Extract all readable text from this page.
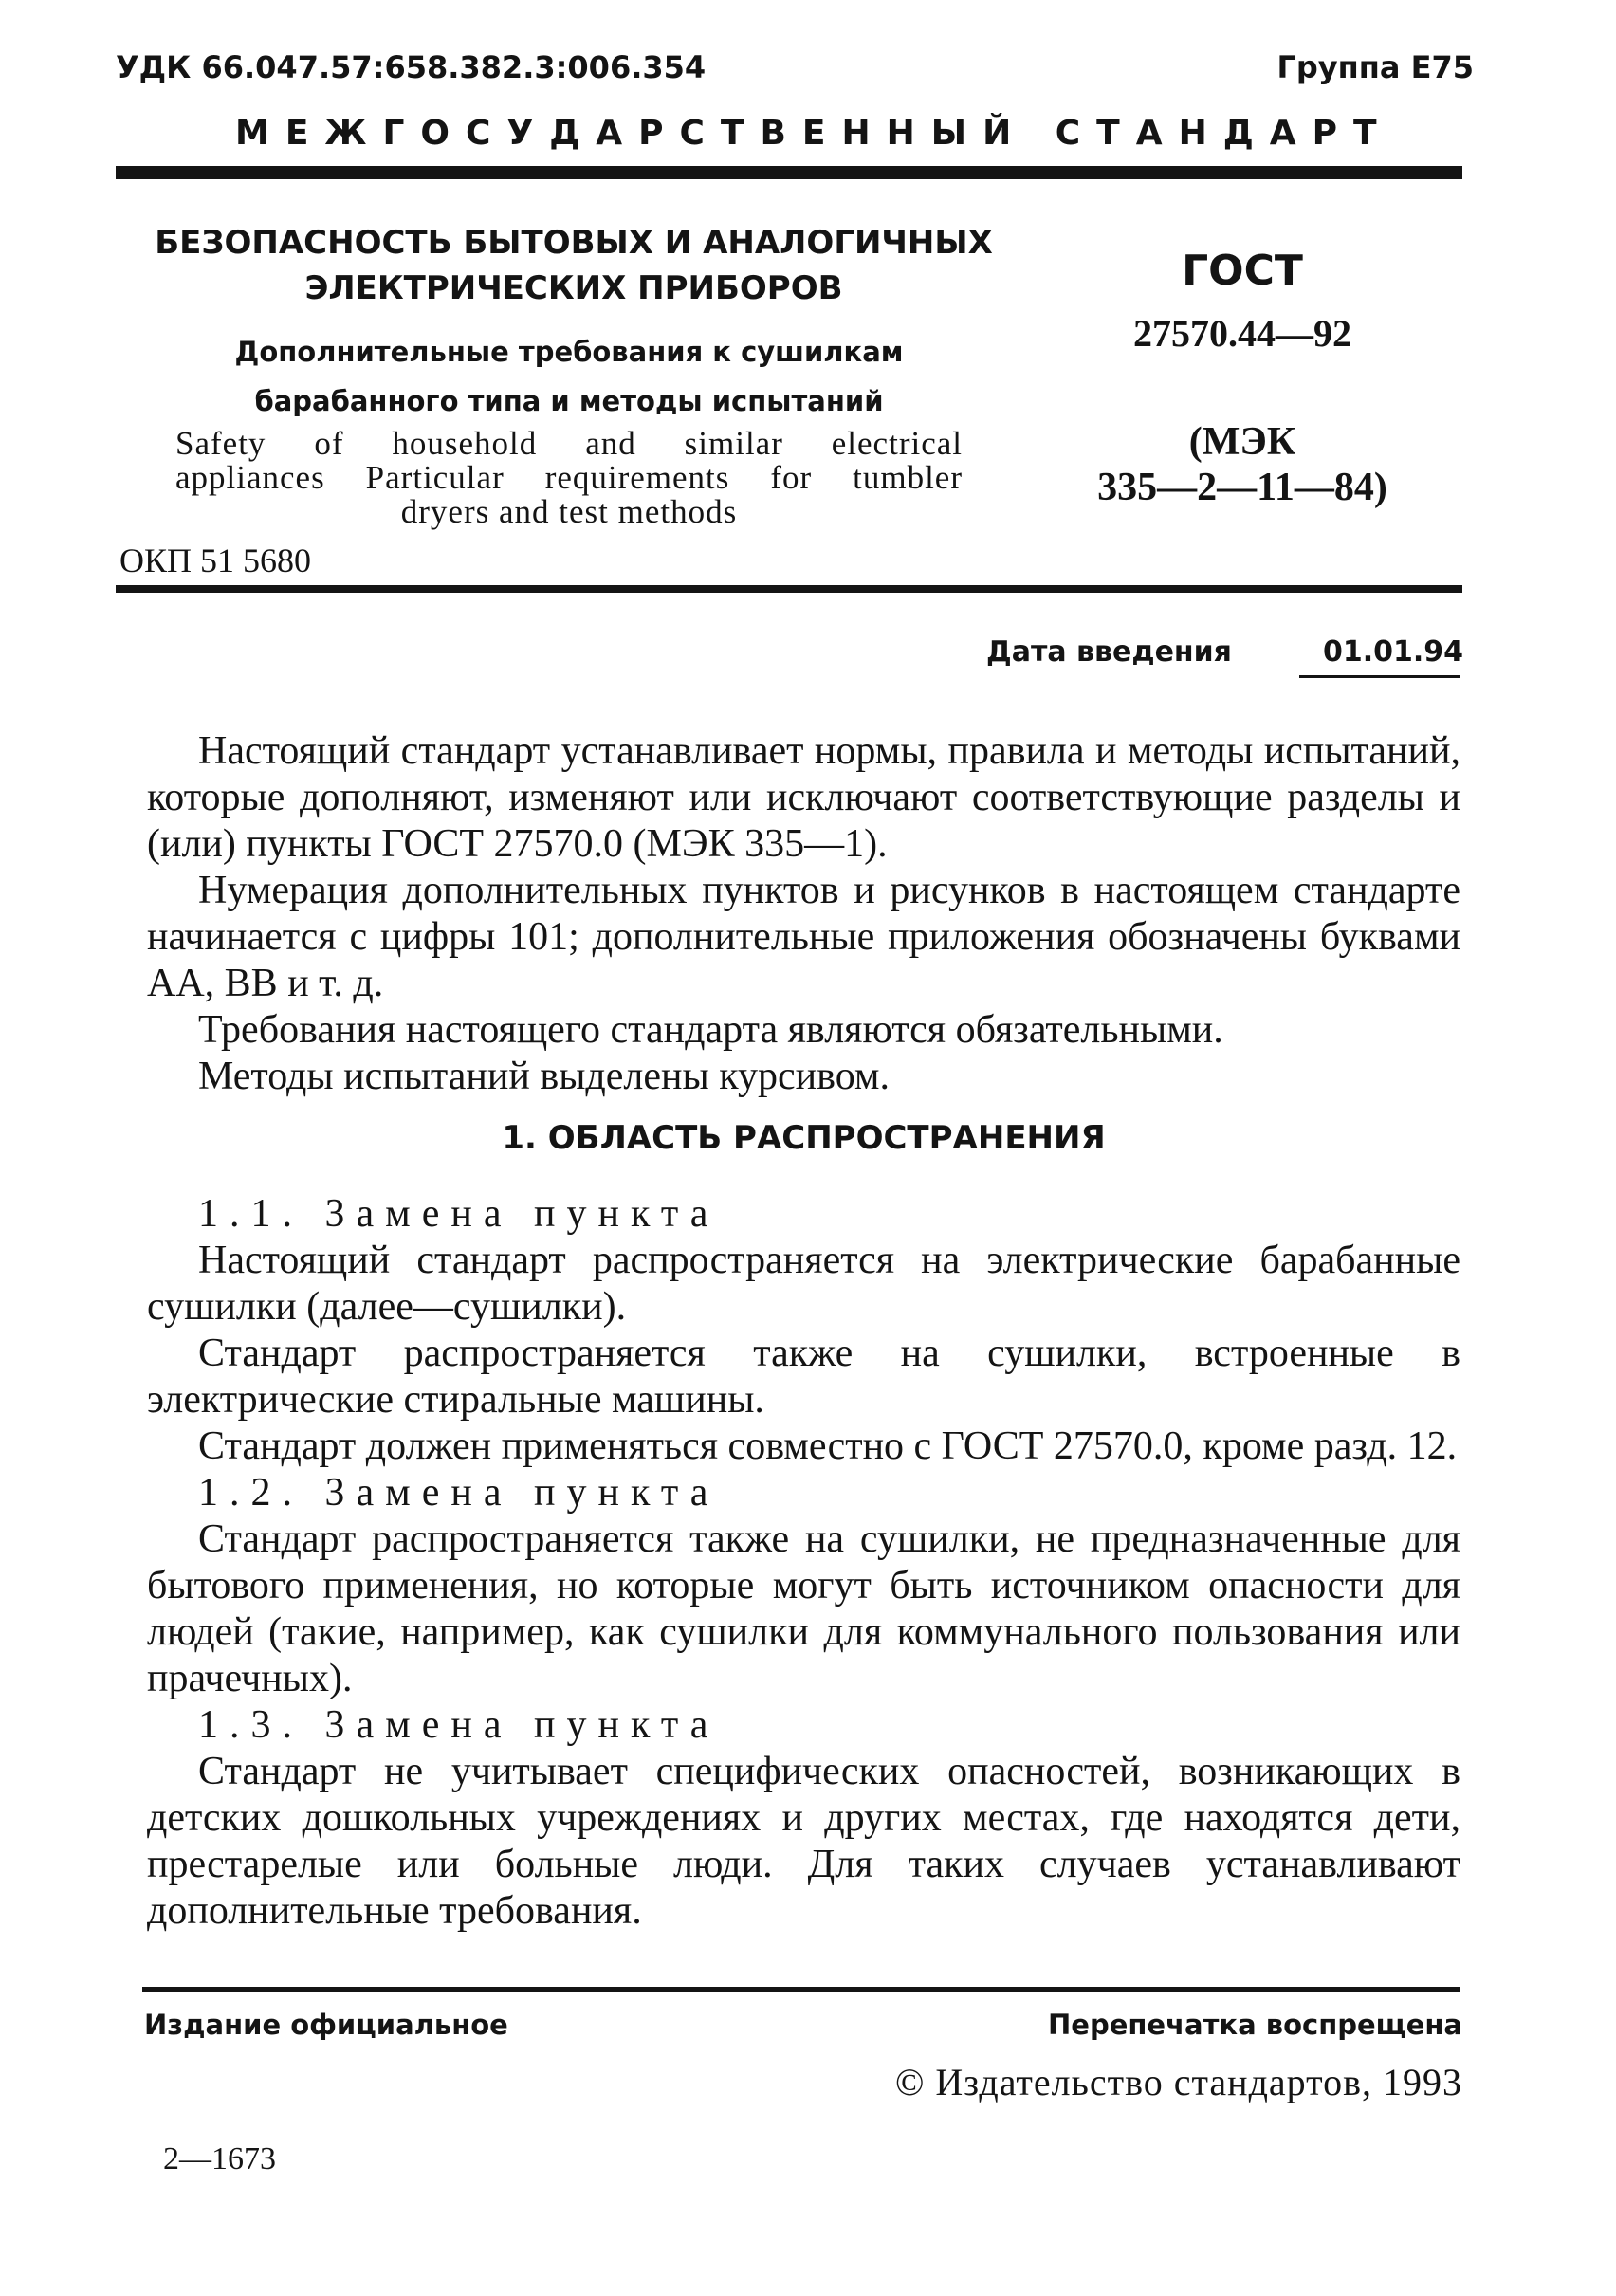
УДК 66.047.57:658.382.3:006.354	Группа Е75
МЕЖГОСУДАРСТВЕННЫЙ СТАНДАРТ
БЕЗОПАСНОСТЬ БЫТОВЫХ И АНАЛОГИЧНЫХ
ЭЛЕКТРИЧЕСКИХ ПРИБОРОВ
Дополнительные требования к сушилкам
барабанного типа и методы испытаний
Safety of household and similar electrical
appliances Particular requirements for tumbler
dryers and test methods
ОКП 51 5680
ГОСТ
27570.44—92
(МЭК
335—2—11—84)
Дата введения	01.01.94

Настоящий стандарт устанавливает нормы, правила и методы испытаний, которые дополняют, изменяют или исключают соответствующие разделы и (или) пункты ГОСТ 27570.0 (МЭК 335—1).

Нумерация дополнительных пунктов и рисунков в настоящем стандарте начинается с цифры 101; дополнительные приложения обозначены буквами АА, ВВ и т. д.

Требования настоящего стандарта являются обязательными.

Методы испытаний выделены курсивом.

1. ОБЛАСТЬ РАСПРОСТРАНЕНИЯ

1.1. Замена пункта

Настоящий стандарт распространяется на электрические барабанные сушилки (далее—сушилки).

Стандарт распространяется также на сушилки, встроенные в электрические стиральные машины.

Стандарт должен применяться совместно с ГОСТ 27570.0, кроме разд. 12.

1.2. Замена пункта

Стандарт распространяется также на сушилки, не предназначенные для бытового применения, но которые могут быть источником опасности для людей (такие, например, как сушилки для коммунального пользования или прачечных).

1.3. Замена пункта

Стандарт не учитывает специфических опасностей, возникающих в детских дошкольных учреждениях и других местах, где находятся дети, престарелые или больные люди. Для таких случаев устанавливают дополнительные требования.

Издание официальное	Перепечатка воспрещена
© Издательство стандартов, 1993
2—1673
